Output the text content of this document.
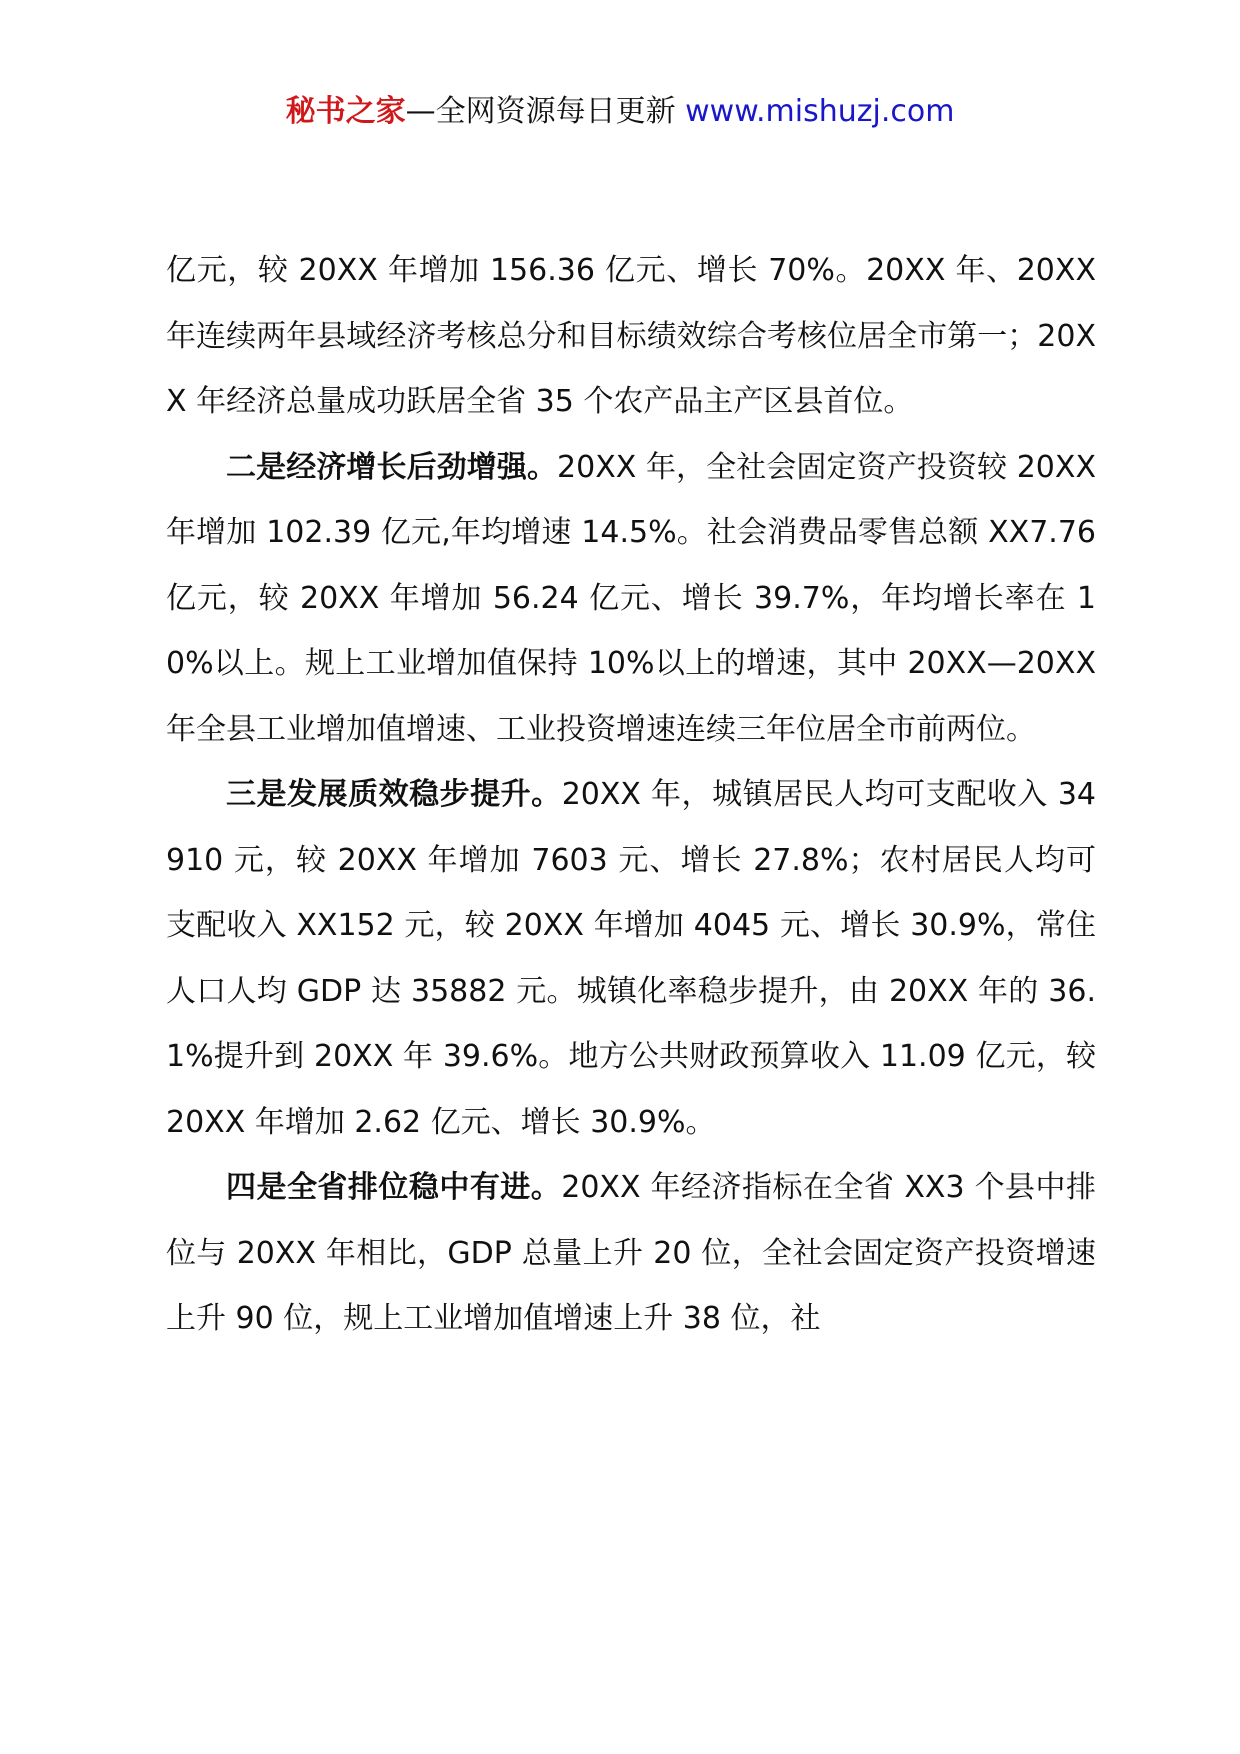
秘书之家—全网资源每日更新 www.mishuzj.com

亿元，较 20XX 年增加 156.36 亿元、增长 70%。20XX 年、20XX 年连续两年县域经济考核总分和目标绩效综合考核位居全市第一；20XX 年经济总量成功跃居全省 35 个农产品主产区县首位。

二是经济增长后劲增强。20XX 年，全社会固定资产投资较 20XX 年增加 102.39 亿元,年均增速 14.5%。社会消费品零售总额 XX7.76 亿元，较 20XX 年增加 56.24 亿元、增长 39.7%，年均增长率在 10%以上。规上工业增加值保持 10%以上的增速，其中 20XX—20XX 年全县工业增加值增速、工业投资增速连续三年位居全市前两位。

三是发展质效稳步提升。20XX 年，城镇居民人均可支配收入 34910 元，较 20XX 年增加 7603 元、增长 27.8%；农村居民人均可支配收入 XX152 元，较 20XX 年增加 4045 元、增长 30.9%，常住人口人均 GDP 达 35882 元。城镇化率稳步提升，由 20XX 年的 36.1%提升到 20XX 年 39.6%。地方公共财政预算收入 11.09 亿元，较 20XX 年增加 2.62 亿元、增长 30.9%。

四是全省排位稳中有进。20XX 年经济指标在全省 XX3 个县中排位与 20XX 年相比，GDP 总量上升 20 位，全社会固定资产投资增速上升 90 位，规上工业增加值增速上升 38 位，社
